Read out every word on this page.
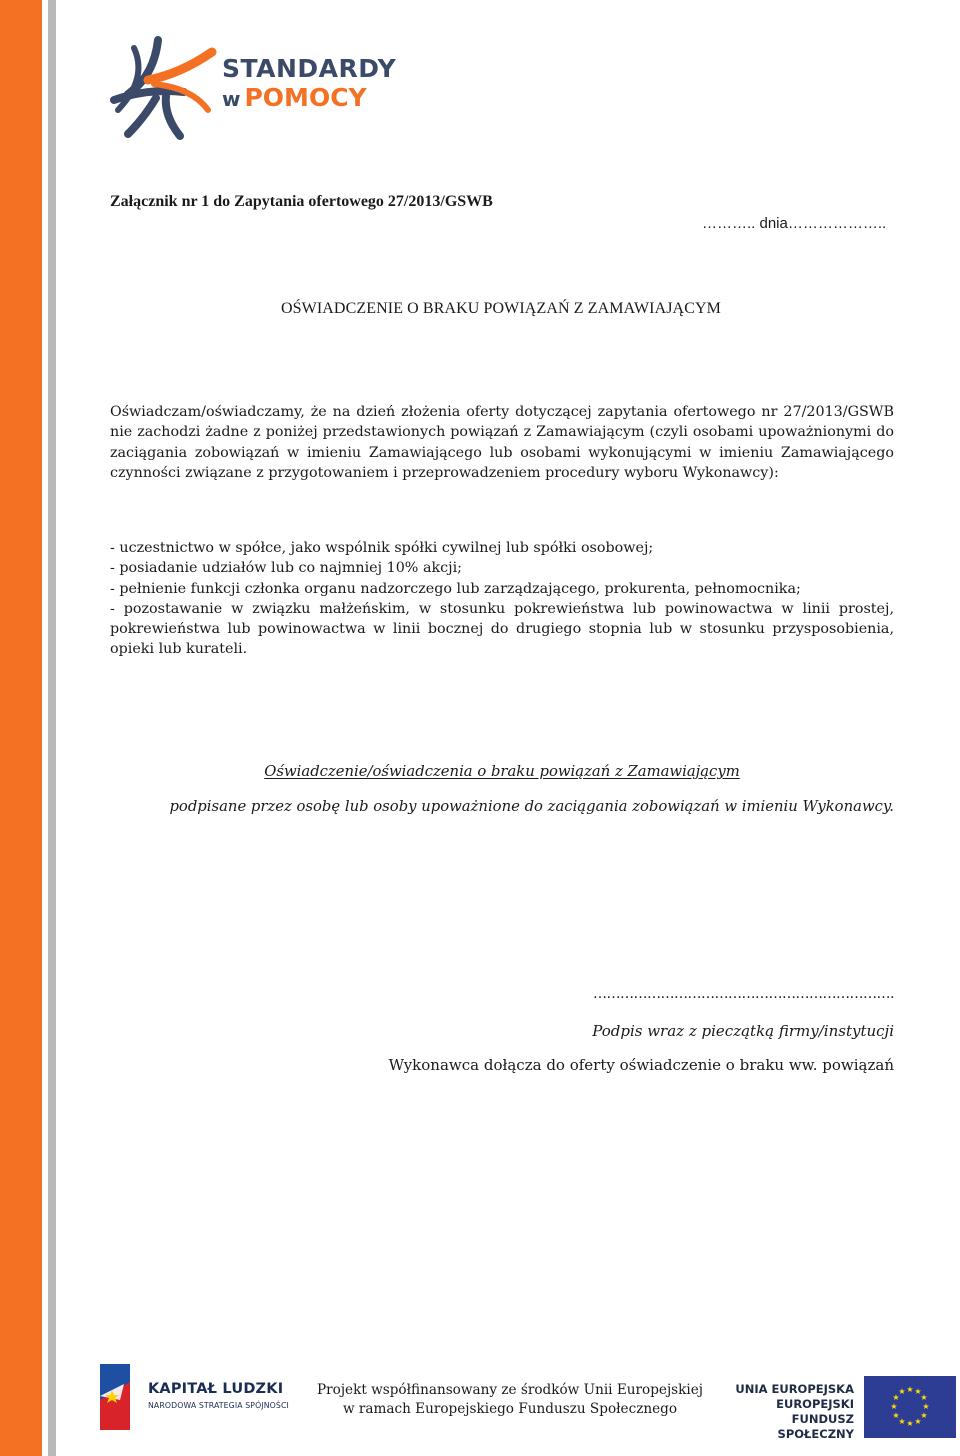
STANDARDY
w POMOCY
Załącznik nr 1 do Zapytania ofertowego 27/2013/GSWB
……….. dnia………………..
OŚWIADCZENIE O BRAKU POWIĄZAŃ Z ZAMAWIAJĄCYM
Oświadczam/oświadczamy, że na dzień złożenia oferty dotyczącej zapytania ofertowego nr 27/2013/GSWB nie zachodzi żadne z poniżej przedstawionych powiązań z Zamawiającym (czyli osobami upoważnionymi do zaciągania zobowiązań w imieniu Zamawiającego lub osobami wykonującymi w imieniu Zamawiającego czynności związane z przygotowaniem i przeprowadzeniem procedury wyboru Wykonawcy):

- uczestnictwo w spółce, jako wspólnik spółki cywilnej lub spółki osobowej;

- posiadanie udziałów lub co najmniej 10% akcji;

- pełnienie funkcji członka organu nadzorczego lub zarządzającego, prokurenta, pełnomocnika;

- pozostawanie w związku małżeńskim, w stosunku pokrewieństwa lub powinowactwa w linii prostej, pokrewieństwa lub powinowactwa w linii bocznej do drugiego stopnia lub w stosunku przysposobienia, opieki lub kurateli.

Oświadczenie/oświadczenia o braku powiązań z Zamawiającym
podpisane przez osobę lub osoby upoważnione do zaciągania zobowiązań w imieniu Wykonawcy.
………………………………………………………….
Podpis wraz z pieczątką firmy/instytucji
Wykonawca dołącza do oferty oświadczenie o braku ww. powiązań
KAPITAŁ LUDZKI
NARODOWA STRATEGIA SPÓJNOŚCI
Projekt współfinansowany ze środków Unii Europejskiej
w ramach Europejskiego Funduszu Społecznego
UNIA EUROPEJSKA
EUROPEJSKI
FUNDUSZ SPOŁECZNY
★ ★
★
★
★
★
★
★
★
★
★
★
